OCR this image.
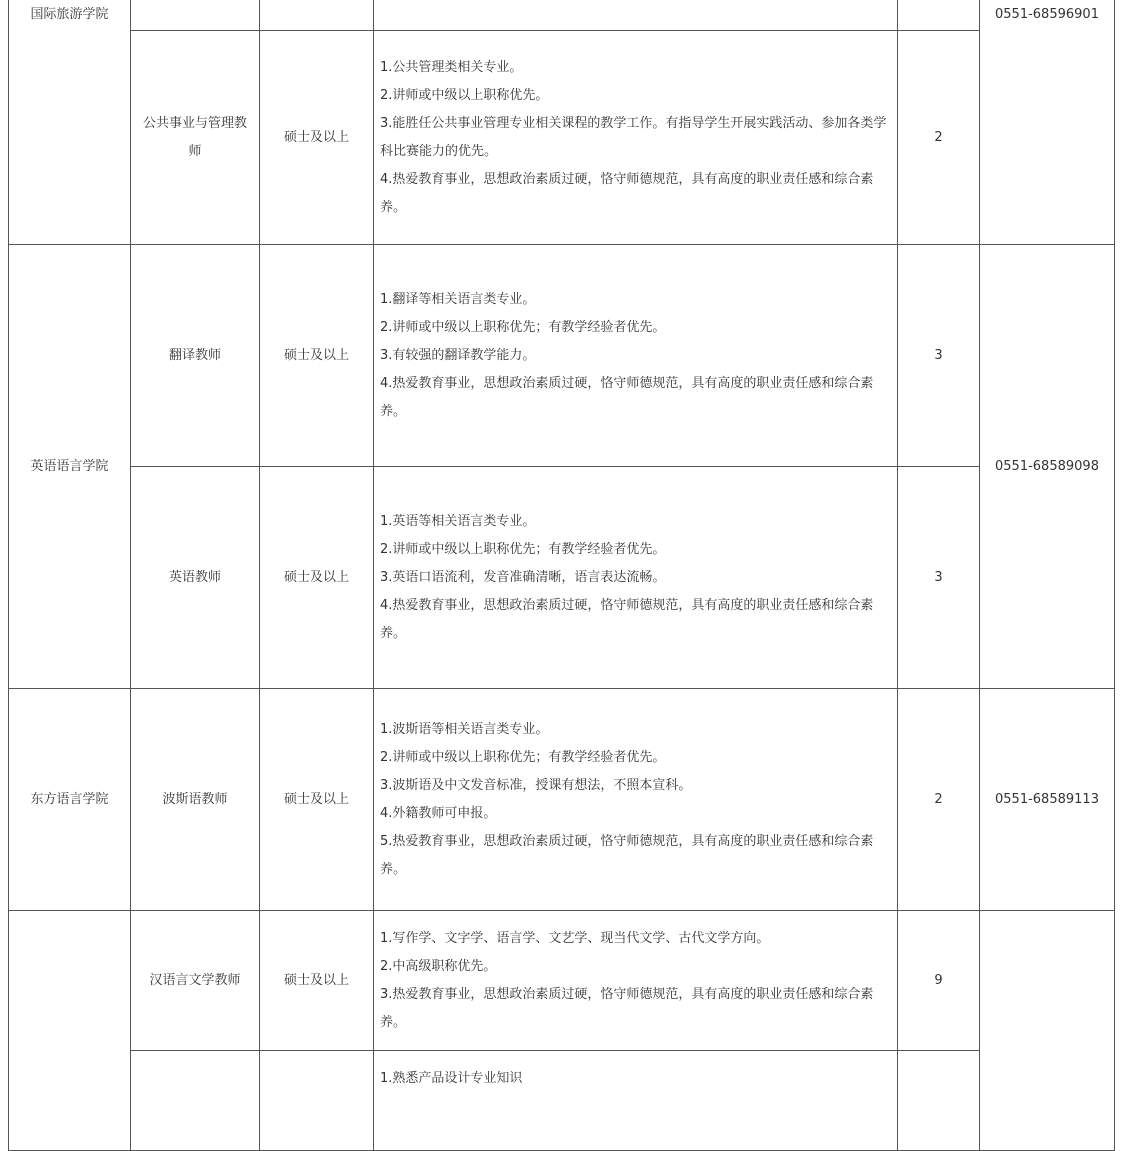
国际旅游学院					0551-68596901
	公共事业与管理教师	硕士及以上	1.公共管理类相关专业。
2.讲师或中级以上职称优先。
3.能胜任公共事业管理专业相关课程的教学工作。有指导学生开展实践活动、参加各类学科比赛能力的优先。
4.热爱教育事业，思想政治素质过硬，恪守师德规范，具有高度的职业责任感和综合素养。	2	
英语语言学院	翻译教师	硕士及以上	1.翻译等相关语言类专业。
2.讲师或中级以上职称优先；有教学经验者优先。
3.有较强的翻译教学能力。
4.热爱教育事业，思想政治素质过硬，恪守师德规范，具有高度的职业责任感和综合素养。	3	0551-68589098
	英语教师	硕士及以上	1.英语等相关语言类专业。
2.讲师或中级以上职称优先；有教学经验者优先。
3.英语口语流利，发音准确清晰，语言表达流畅。
4.热爱教育事业，思想政治素质过硬，恪守师德规范，具有高度的职业责任感和综合素养。	3	
东方语言学院	波斯语教师	硕士及以上	1.波斯语等相关语言类专业。
2.讲师或中级以上职称优先；有教学经验者优先。
3.波斯语及中文发音标准，授课有想法，不照本宣科。
4.外籍教师可申报。
5.热爱教育事业，思想政治素质过硬，恪守师德规范，具有高度的职业责任感和综合素养。	2	0551-68589113
	汉语言文学教师	硕士及以上	1.写作学、文字学、语言学、文艺学、现当代文学、古代文学方向。
2.中高级职称优先。
3.热爱教育事业，思想政治素质过硬，恪守师德规范，具有高度的职业责任感和综合素养。	9	

			1.熟悉产品设计专业知识		
